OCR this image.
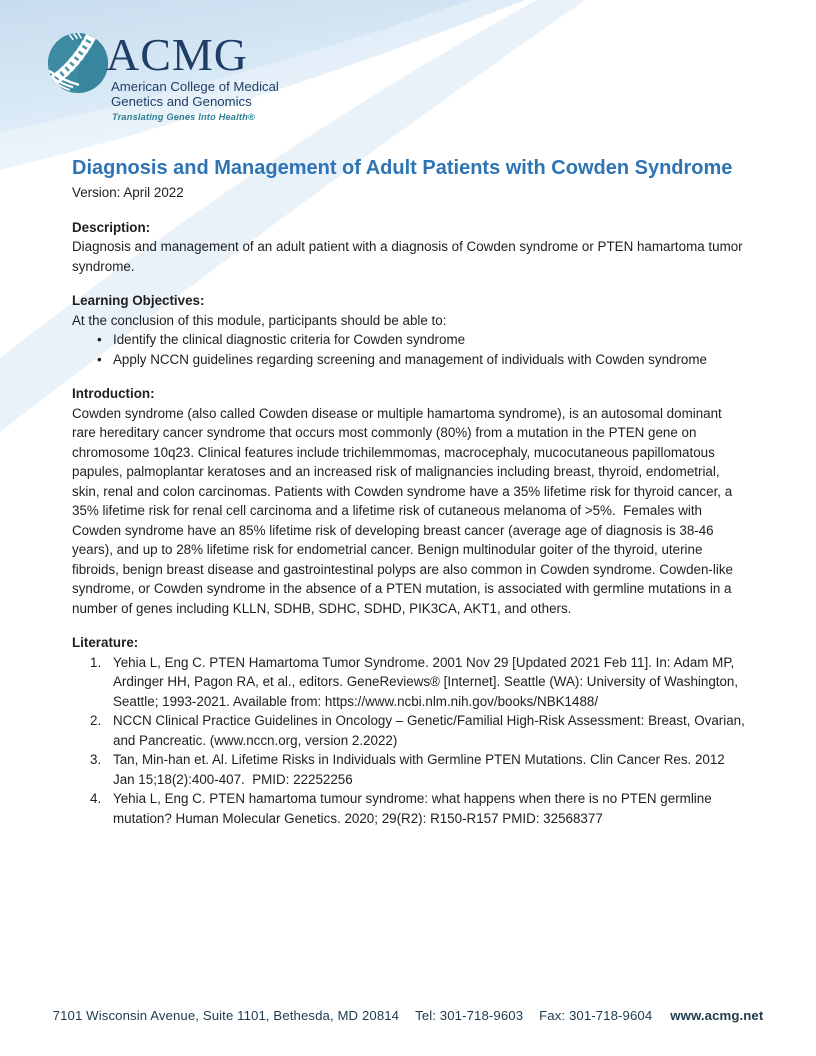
ACMG
American College of Medical
Genetics and Genomics
Translating Genes Into Health®
Diagnosis and Management of Adult Patients with Cowden Syndrome
Version: April 2022
Description:

Diagnosis and management of an adult patient with a diagnosis of Cowden syndrome or PTEN hamartoma tumor syndrome.

Learning Objectives:

At the conclusion of this module, participants should be able to:

• Identify the clinical diagnostic criteria for Cowden syndrome
• Apply NCCN guidelines regarding screening and management of individuals with Cowden syndrome
Introduction:

Cowden syndrome (also called Cowden disease or multiple hamartoma syndrome), is an autosomal dominant rare hereditary cancer syndrome that occurs most commonly (80%) from a mutation in the PTEN gene on chromosome 10q23. Clinical features include trichilemmomas, macrocephaly, mucocutaneous papillomatous papules, palmoplantar keratoses and an increased risk of malignancies including breast, thyroid, endometrial, skin, renal and colon carcinomas. Patients with Cowden syndrome have a 35% lifetime risk for thyroid cancer, a 35% lifetime risk for renal cell carcinoma and a lifetime risk of cutaneous melanoma of >5%.  Females with Cowden syndrome have an 85% lifetime risk of developing breast cancer (average age of diagnosis is 38-46 years), and up to 28% lifetime risk for endometrial cancer. Benign multinodular goiter of the thyroid, uterine fibroids, benign breast disease and gastrointestinal polyps are also common in Cowden syndrome. Cowden-like syndrome, or Cowden syndrome in the absence of a PTEN mutation, is associated with germline mutations in a number of genes including KLLN, SDHB, SDHC, SDHD, PIK3CA, AKT1, and others.

Literature:
1. Yehia L, Eng C. PTEN Hamartoma Tumor Syndrome. 2001 Nov 29 [Updated 2021 Feb 11]. In: Adam MP, Ardinger HH, Pagon RA, et al., editors. GeneReviews® [Internet]. Seattle (WA): University of Washington, Seattle; 1993-2021. Available from: https://www.ncbi.nlm.nih.gov/books/NBK1488/
2. NCCN Clinical Practice Guidelines in Oncology – Genetic/Familial High-Risk Assessment: Breast, Ovarian, and Pancreatic. (www.nccn.org, version 2.2022)
3. Tan, Min-han et. Al. Lifetime Risks in Individuals with Germline PTEN Mutations. Clin Cancer Res. 2012 Jan 15;18(2):400-407.  PMID: 22252256
4. Yehia L, Eng C. PTEN hamartoma tumour syndrome: what happens when there is no PTEN germline mutation? Human Molecular Genetics. 2020; 29(R2): R150-R157 PMID: 32568377
7101 Wisconsin Avenue, Suite 1101, Bethesda, MD 20814 Tel: 301-718-9603 Fax: 301-718-9604 www.acmg.net
